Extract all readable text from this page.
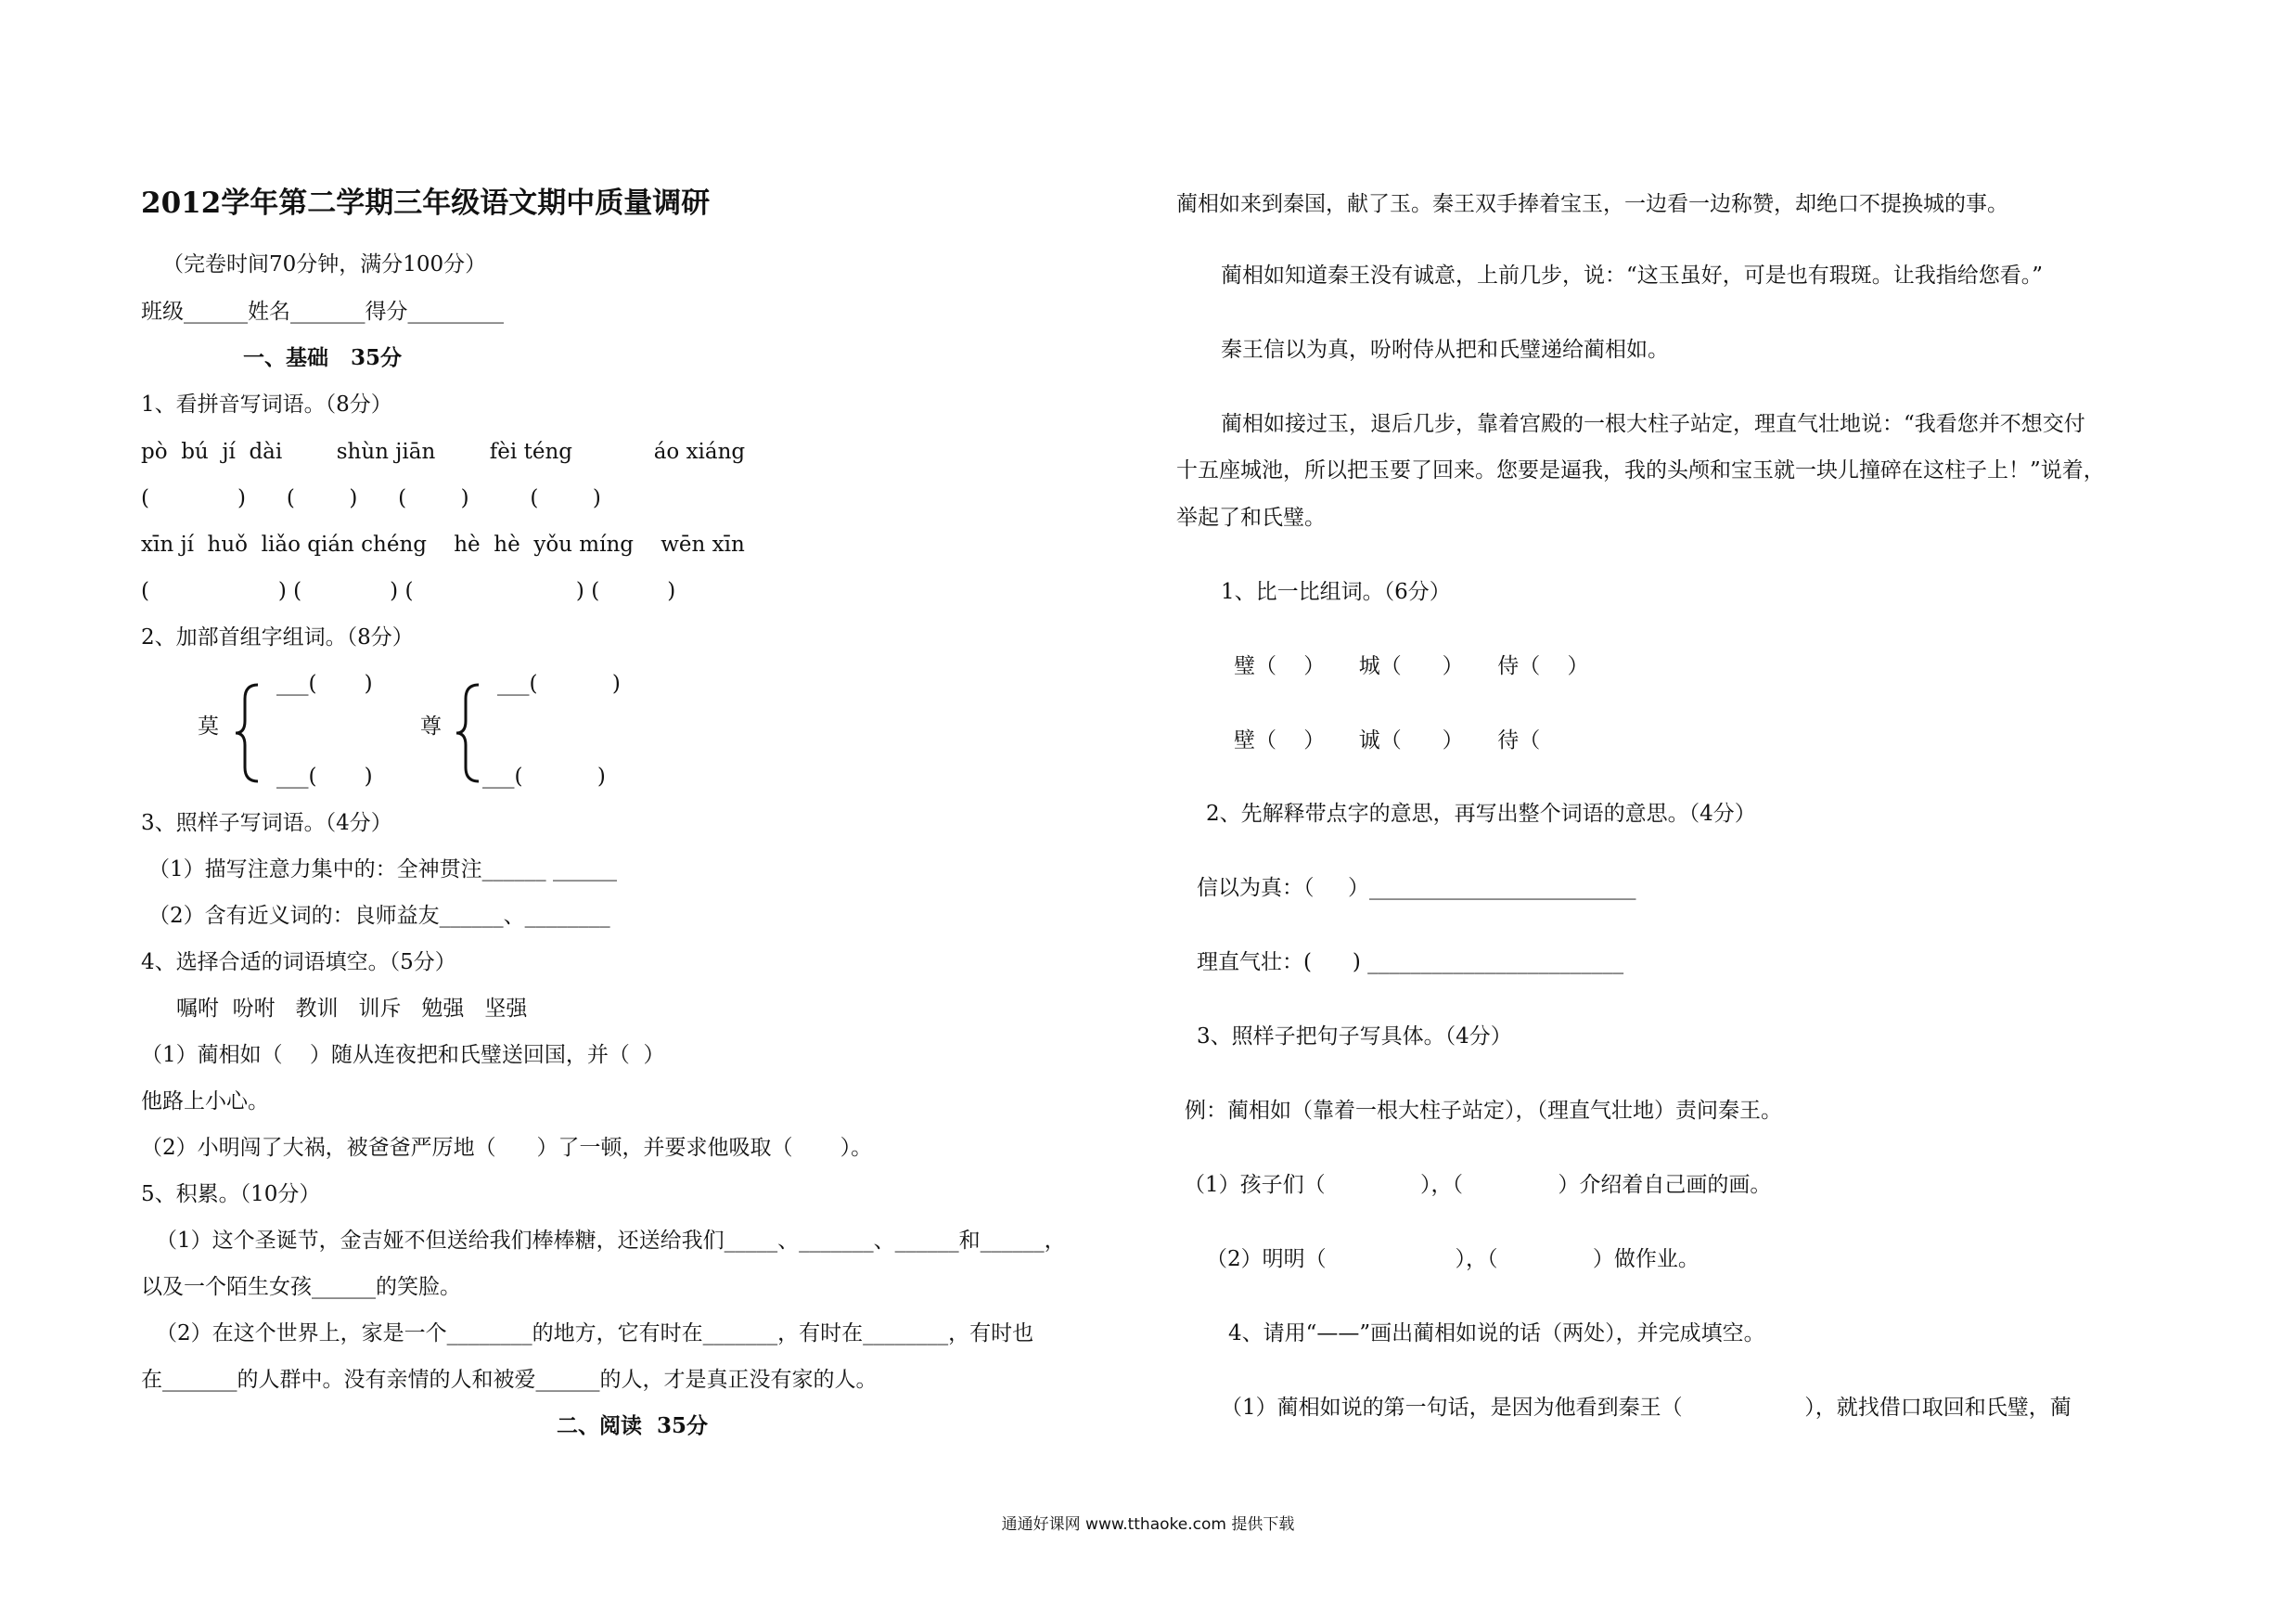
2012学年第二学期三年级语文期中质量调研
（完卷时间70分钟，满分100分）
班级______姓名_______得分_________
一、基础   35分
1、看拼音写词语。（8分）
pò  bú  jí  dài        shùn jiān        fèi téng            áo xiáng
(             )      (        )      (        )         (        )
xīn jí  huǒ  liǎo qián chéng    hè  hè  yǒu míng    wēn xīn
(                   ) (             ) (                        ) (          )
2、加部首组字组词。（8分）
莫
___(       )
___(       )
尊
___(           )
___(           )
3、照样子写词语。（4分）
（1）描写注意力集中的：全神贯注______ ______
（2）含有近义词的：良师益友______、________
4、选择合适的词语填空。（5分）
嘱咐  吩咐   教训   训斥   勉强   坚强
（1）蔺相如（    ）随从连夜把和氏璧送回国，并（  ）
他路上小心。
（2）小明闯了大祸，被爸爸严厉地（      ）了一顿，并要求他吸取（       ）。
5、积累。（10分）
（1）这个圣诞节，金吉娅不但送给我们棒棒糖，还送给我们_____、_______、______和______，
以及一个陌生女孩______的笑脸。
（2）在这个世界上，家是一个________的地方，它有时在_______，有时在________，有时也
在_______的人群中。没有亲情的人和被爱______的人，才是真正没有家的人。
二、阅读  35分
蔺相如来到秦国，献了玉。秦王双手捧着宝玉，一边看一边称赞，却绝口不提换城的事。
蔺相如知道秦王没有诚意，上前几步，说：“这玉虽好，可是也有瑕斑。让我指给您看。”
秦王信以为真，吩咐侍从把和氏璧递给蔺相如。
蔺相如接过玉，退后几步，靠着宫殿的一根大柱子站定，理直气壮地说：“我看您并不想交付
十五座城池，所以把玉要了回来。您要是逼我，我的头颅和宝玉就一块儿撞碎在这柱子上！”说着，
举起了和氏璧。
1、比一比组词。（6分）
璧（    ）     城（      ）     侍（    ）
壁（    ）     诚（      ）     待（
2、先解释带点字的意思，再写出整个词语的意思。（4分）
信以为真：（     ）_________________________
理直气壮：(      ) ________________________
3、照样子把句子写具体。（4分）
例：蔺相如（靠着一根大柱子站定），（理直气壮地）责问秦王。
（1）孩子们（              ），（              ）介绍着自己画的画。
（2）明明（                   ），（              ）做作业。
4、请用“——”画出蔺相如说的话（两处），并完成填空。
（1）蔺相如说的第一句话，是因为他看到秦王（                  ），就找借口取回和氏璧，蔺
通通好课网 www.tthaoke.com 提供下载
